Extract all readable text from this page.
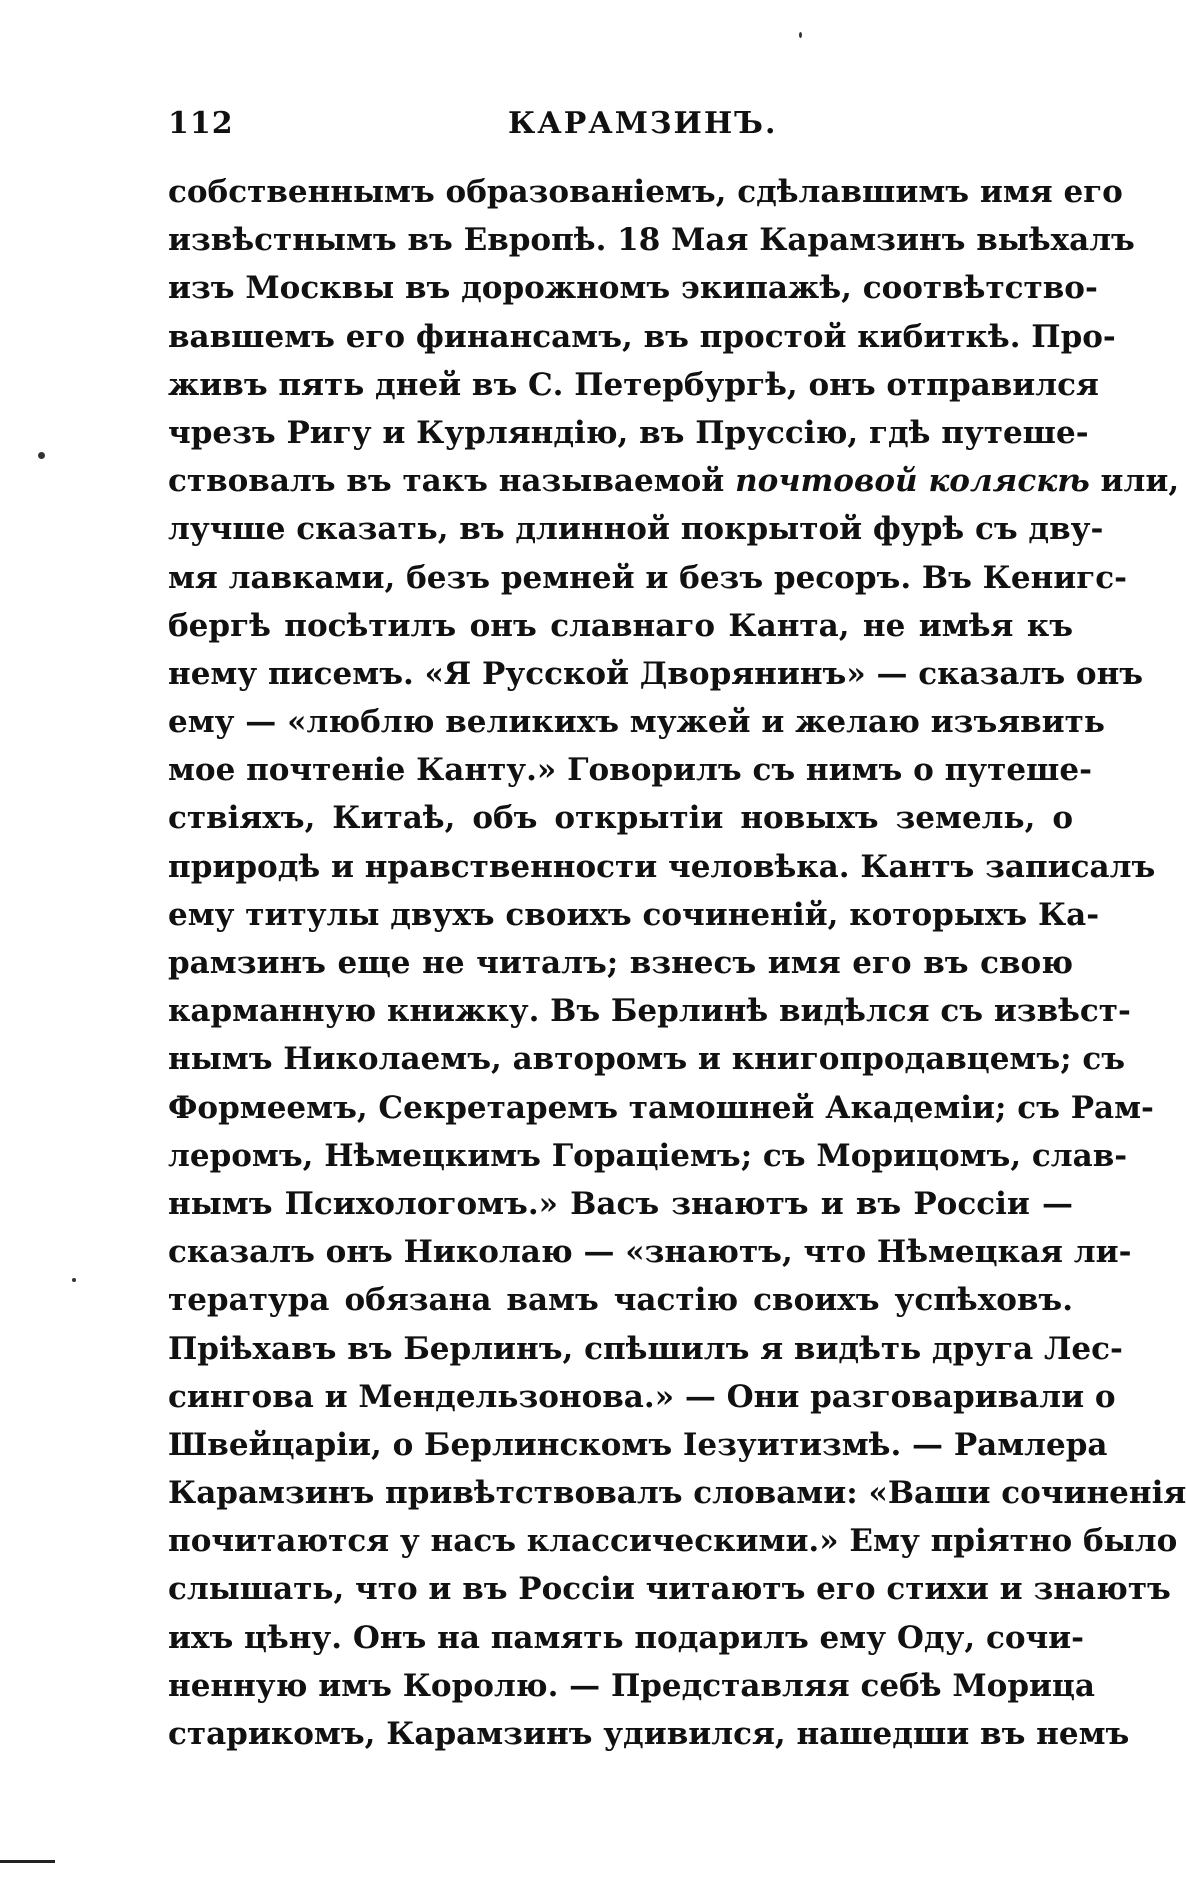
112	КАРАМЗИНЪ.
собственнымъ образованіемъ, сдѣлавшимъ имя его
извѣстнымъ въ Европѣ. 18 Мая Карамзинъ выѣхалъ
изъ Москвы въ дорожномъ экипажѣ, соотвѣтство-
вавшемъ его финансамъ, въ простой кибиткѣ. Про-
живъ пять дней въ С. Петербургѣ, онъ отправился
чрезъ Ригу и Курляндію, въ Пруссію, гдѣ путеше-
ствовалъ въ такъ называемой почтовой коляскѣ или,
лучше сказать, въ длинной покрытой фурѣ съ дву-
мя лавками, безъ ремней и безъ ресоръ. Въ Кенигс-
бергѣ посѣтилъ онъ славнаго Канта, не имѣя къ
нему писемъ. «Я Русской Дворянинъ» — сказалъ онъ
ему — «люблю великихъ мужей и желаю изъявить
мое почтеніе Канту.» Говорилъ съ нимъ о путеше-
ствіяхъ, Китаѣ, объ открытіи новыхъ земель, о
природѣ и нравственности человѣка. Кантъ записалъ
ему титулы двухъ своихъ сочиненій, которыхъ Ка-
рамзинъ еще не читалъ; взнесъ имя его въ свою
карманную книжку. Въ Берлинѣ видѣлся съ извѣст-
нымъ Николаемъ, авторомъ и книгопродавцемъ; съ
Формеемъ, Секретаремъ тамошней Академіи; съ Рам-
леромъ, Нѣмецкимъ Гораціемъ; съ Морицомъ, слав-
нымъ Психологомъ.» Васъ знаютъ и въ Россіи —
сказалъ онъ Николаю — «знаютъ, что Нѣмецкая ли-
тература обязана вамъ частію своихъ успѣховъ.
Пріѣхавъ въ Берлинъ, спѣшилъ я видѣть друга Лес-
сингова и Мендельзонова.» — Они разговаривали о
Швейцаріи, о Берлинскомъ Іезуитизмѣ. — Рамлера
Карамзинъ привѣтствовалъ словами: «Ваши сочиненія
почитаются у насъ классическими.» Ему пріятно было
слышать, что и въ Россіи читаютъ его стихи и знаютъ
ихъ цѣну. Онъ на память подарилъ ему Оду, сочи-
ненную имъ Королю. — Представляя себѣ Морица
старикомъ, Карамзинъ удивился, нашедши въ немъ
